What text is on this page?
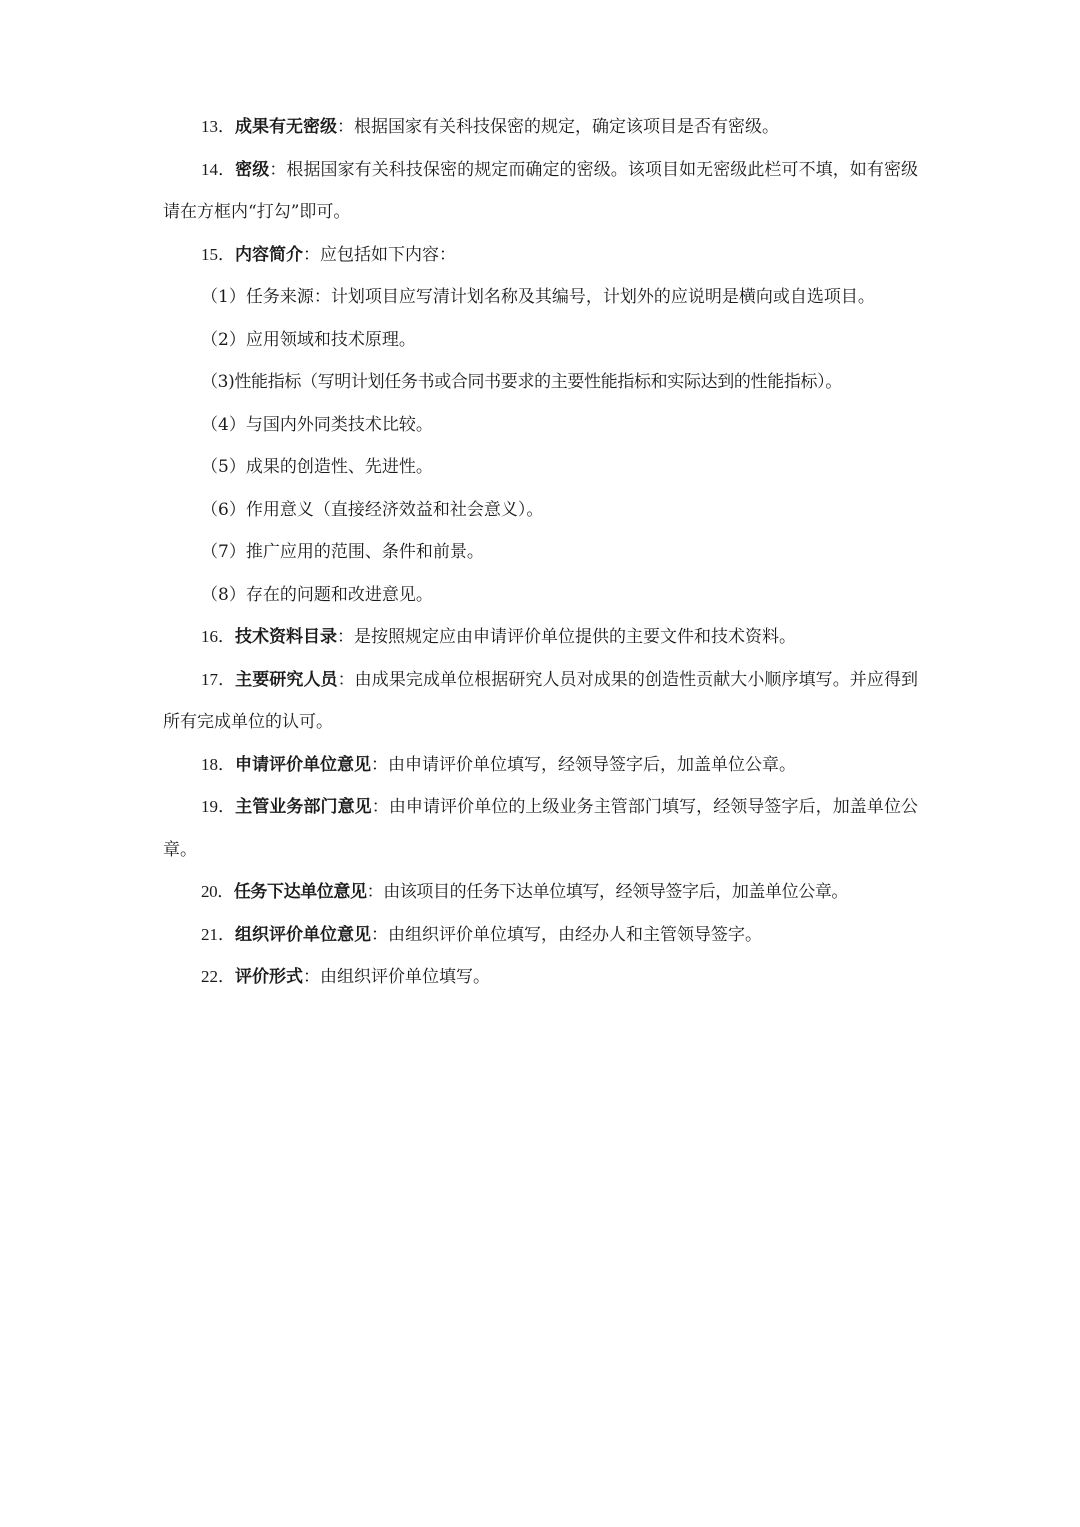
13．成果有无密级：根据国家有关科技保密的规定，确定该项目是否有密级。

14．密级：根据国家有关科技保密的规定而确定的密级。该项目如无密级此栏可不填，如有密级请在方框内“打勾”即可。

15．内容简介：应包括如下内容：

（1）任务来源：计划项目应写清计划名称及其编号，计划外的应说明是横向或自选项目。

（2）应用领域和技术原理。

（3)性能指标（写明计划任务书或合同书要求的主要性能指标和实际达到的性能指标）。

（4）与国内外同类技术比较。

（5）成果的创造性、先进性。

（6）作用意义（直接经济效益和社会意义）。

（7）推广应用的范围、条件和前景。

（8）存在的问题和改进意见。

16．技术资料目录：是按照规定应由申请评价单位提供的主要文件和技术资料。

17．主要研究人员：由成果完成单位根据研究人员对成果的创造性贡献大小顺序填写。并应得到所有完成单位的认可。

18．申请评价单位意见：由申请评价单位填写，经领导签字后，加盖单位公章。

19．主管业务部门意见：由申请评价单位的上级业务主管部门填写，经领导签字后，加盖单位公章。

20．任务下达单位意见：由该项目的任务下达单位填写，经领导签字后，加盖单位公章。

21．组织评价单位意见：由组织评价单位填写，由经办人和主管领导签字。

22．评价形式：由组织评价单位填写。
